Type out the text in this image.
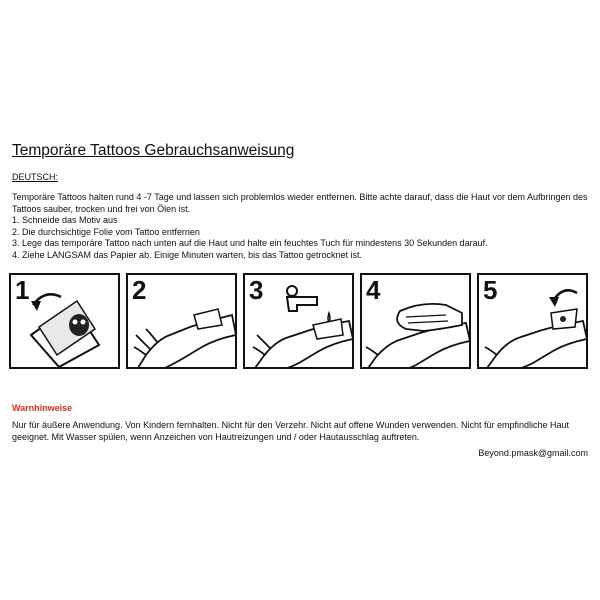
Temporäre Tattoos Gebrauchsanweisung
DEUTSCH:
Temporäre Tattoos halten rund 4 -7 Tage und lassen sich problemlos wieder entfernen. Bitte achte darauf, dass die Haut vor dem Aufbringen des Tattoos sauber, trocken und frei von Ölen ist.
1. Schneide das Motiv aus
2. Die durchsichtige Folie vom Tattoo entfernen
3. Lege das temporäre Tattoo nach unten auf die Haut und halte ein feuchtes Tuch für mindestens 30 Sekunden darauf.
4. Ziehe LANGSAM das Papier ab. Einige Minuten warten, bis das Tattoo getrocknet ist.
1	2	3	4	5
Warnhinweise
Nur für äußere Anwendung. Von Kindern fernhalten. Nicht für den Verzehr. Nicht auf offene Wunden verwenden. Nicht für empfindliche Haut geeignet. Mit Wasser spülen, wenn Anzeichen von Hautreizungen und / oder Hautausschlag auftreten.
Beyond.pmask@gmail.com
